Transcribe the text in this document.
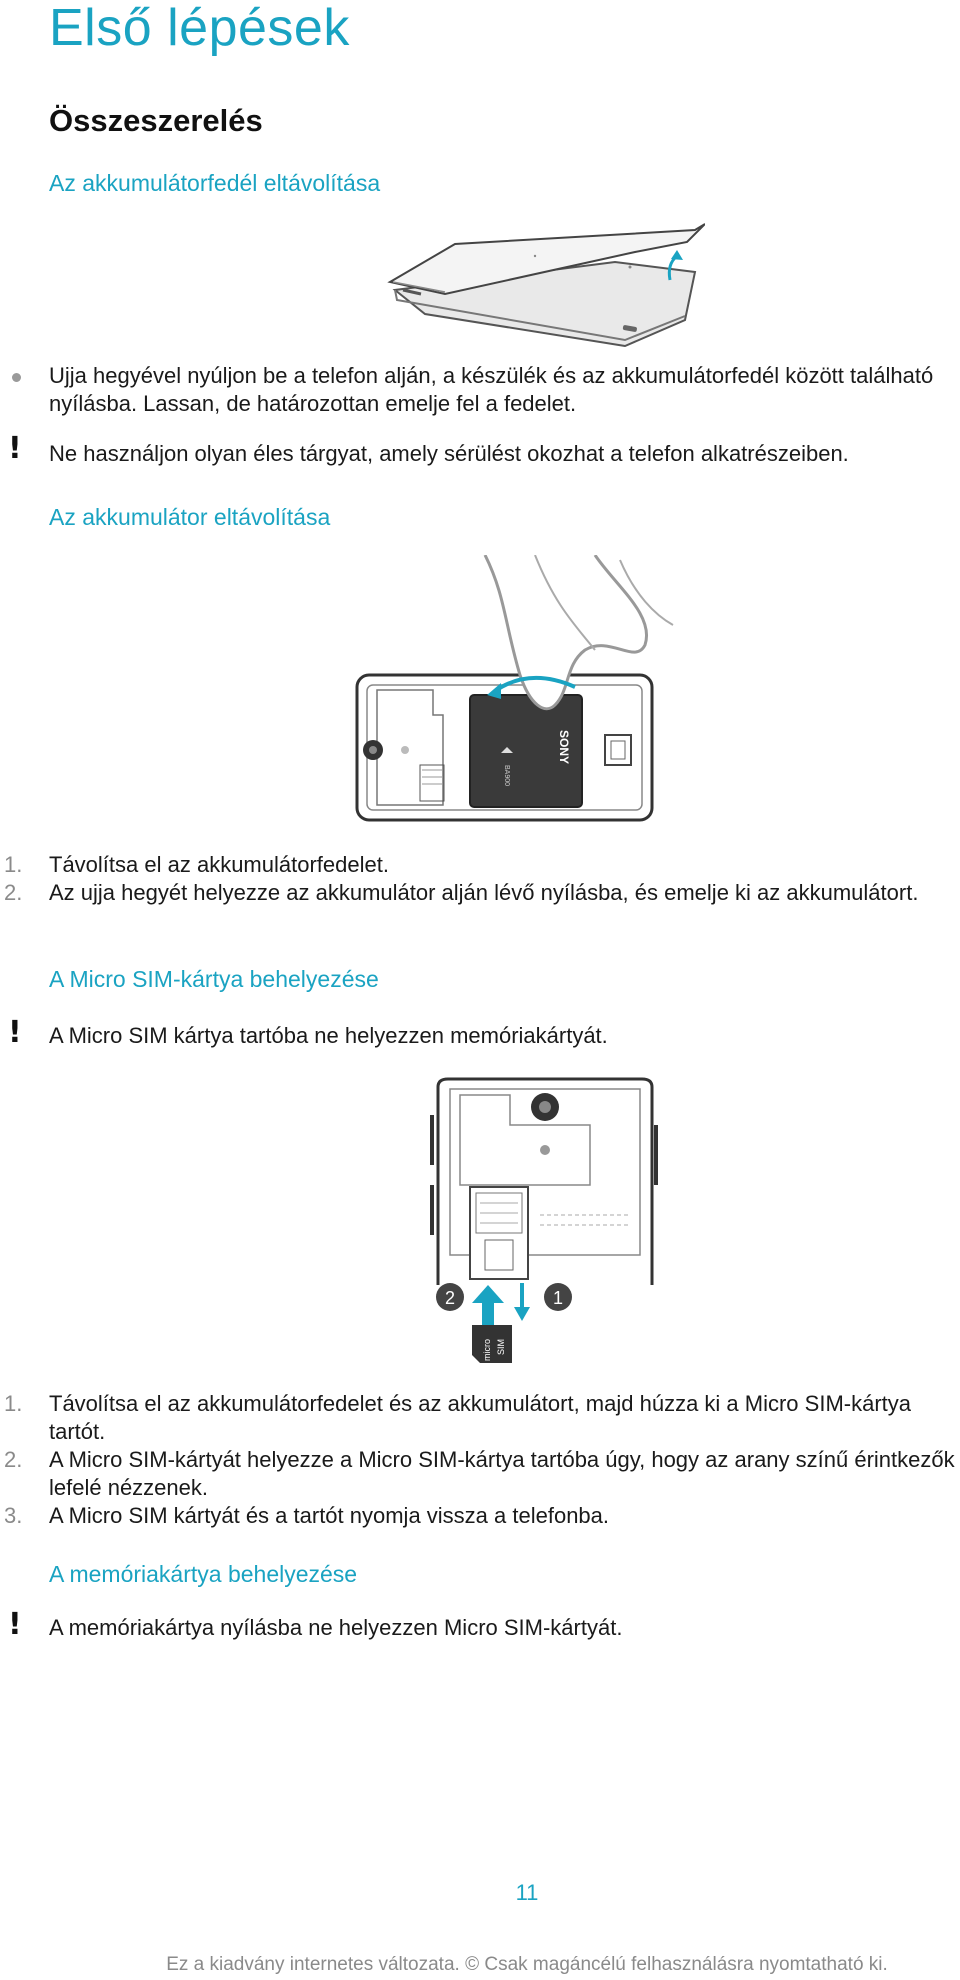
Első lépések
Összeszerelés
Az akkumulátorfedél eltávolítása
Ujja hegyével nyúljon be a telefon alján, a készülék és az akkumulátorfedél között található nyílásba. Lassan, de határozottan emelje fel a fedelet.
! Ne használjon olyan éles tárgyat, amely sérülést okozhat a telefon alkatrészeiben.
Az akkumulátor eltávolítása
SONY
BA900
1. Távolítsa el az akkumulátorfedelet.
2. Az ujja hegyét helyezze az akkumulátor alján lévő nyílásba, és emelje ki az akkumulátort.
A Micro SIM-kártya behelyezése
! A Micro SIM kártya tartóba ne helyezzen memóriakártyát.
2	1
micro SIM
1. Távolítsa el az akkumulátorfedelet és az akkumulátort, majd húzza ki a Micro SIM-kártya tartót.
2. A Micro SIM-kártyát helyezze a Micro SIM-kártya tartóba úgy, hogy az arany színű érintkezők lefelé nézzenek.
3. A Micro SIM kártyát és a tartót nyomja vissza a telefonba.
A memóriakártya behelyezése
! A memóriakártya nyílásba ne helyezzen Micro SIM-kártyát.
11
Ez a kiadvány internetes változata. © Csak magáncélú felhasználásra nyomtatható ki.
